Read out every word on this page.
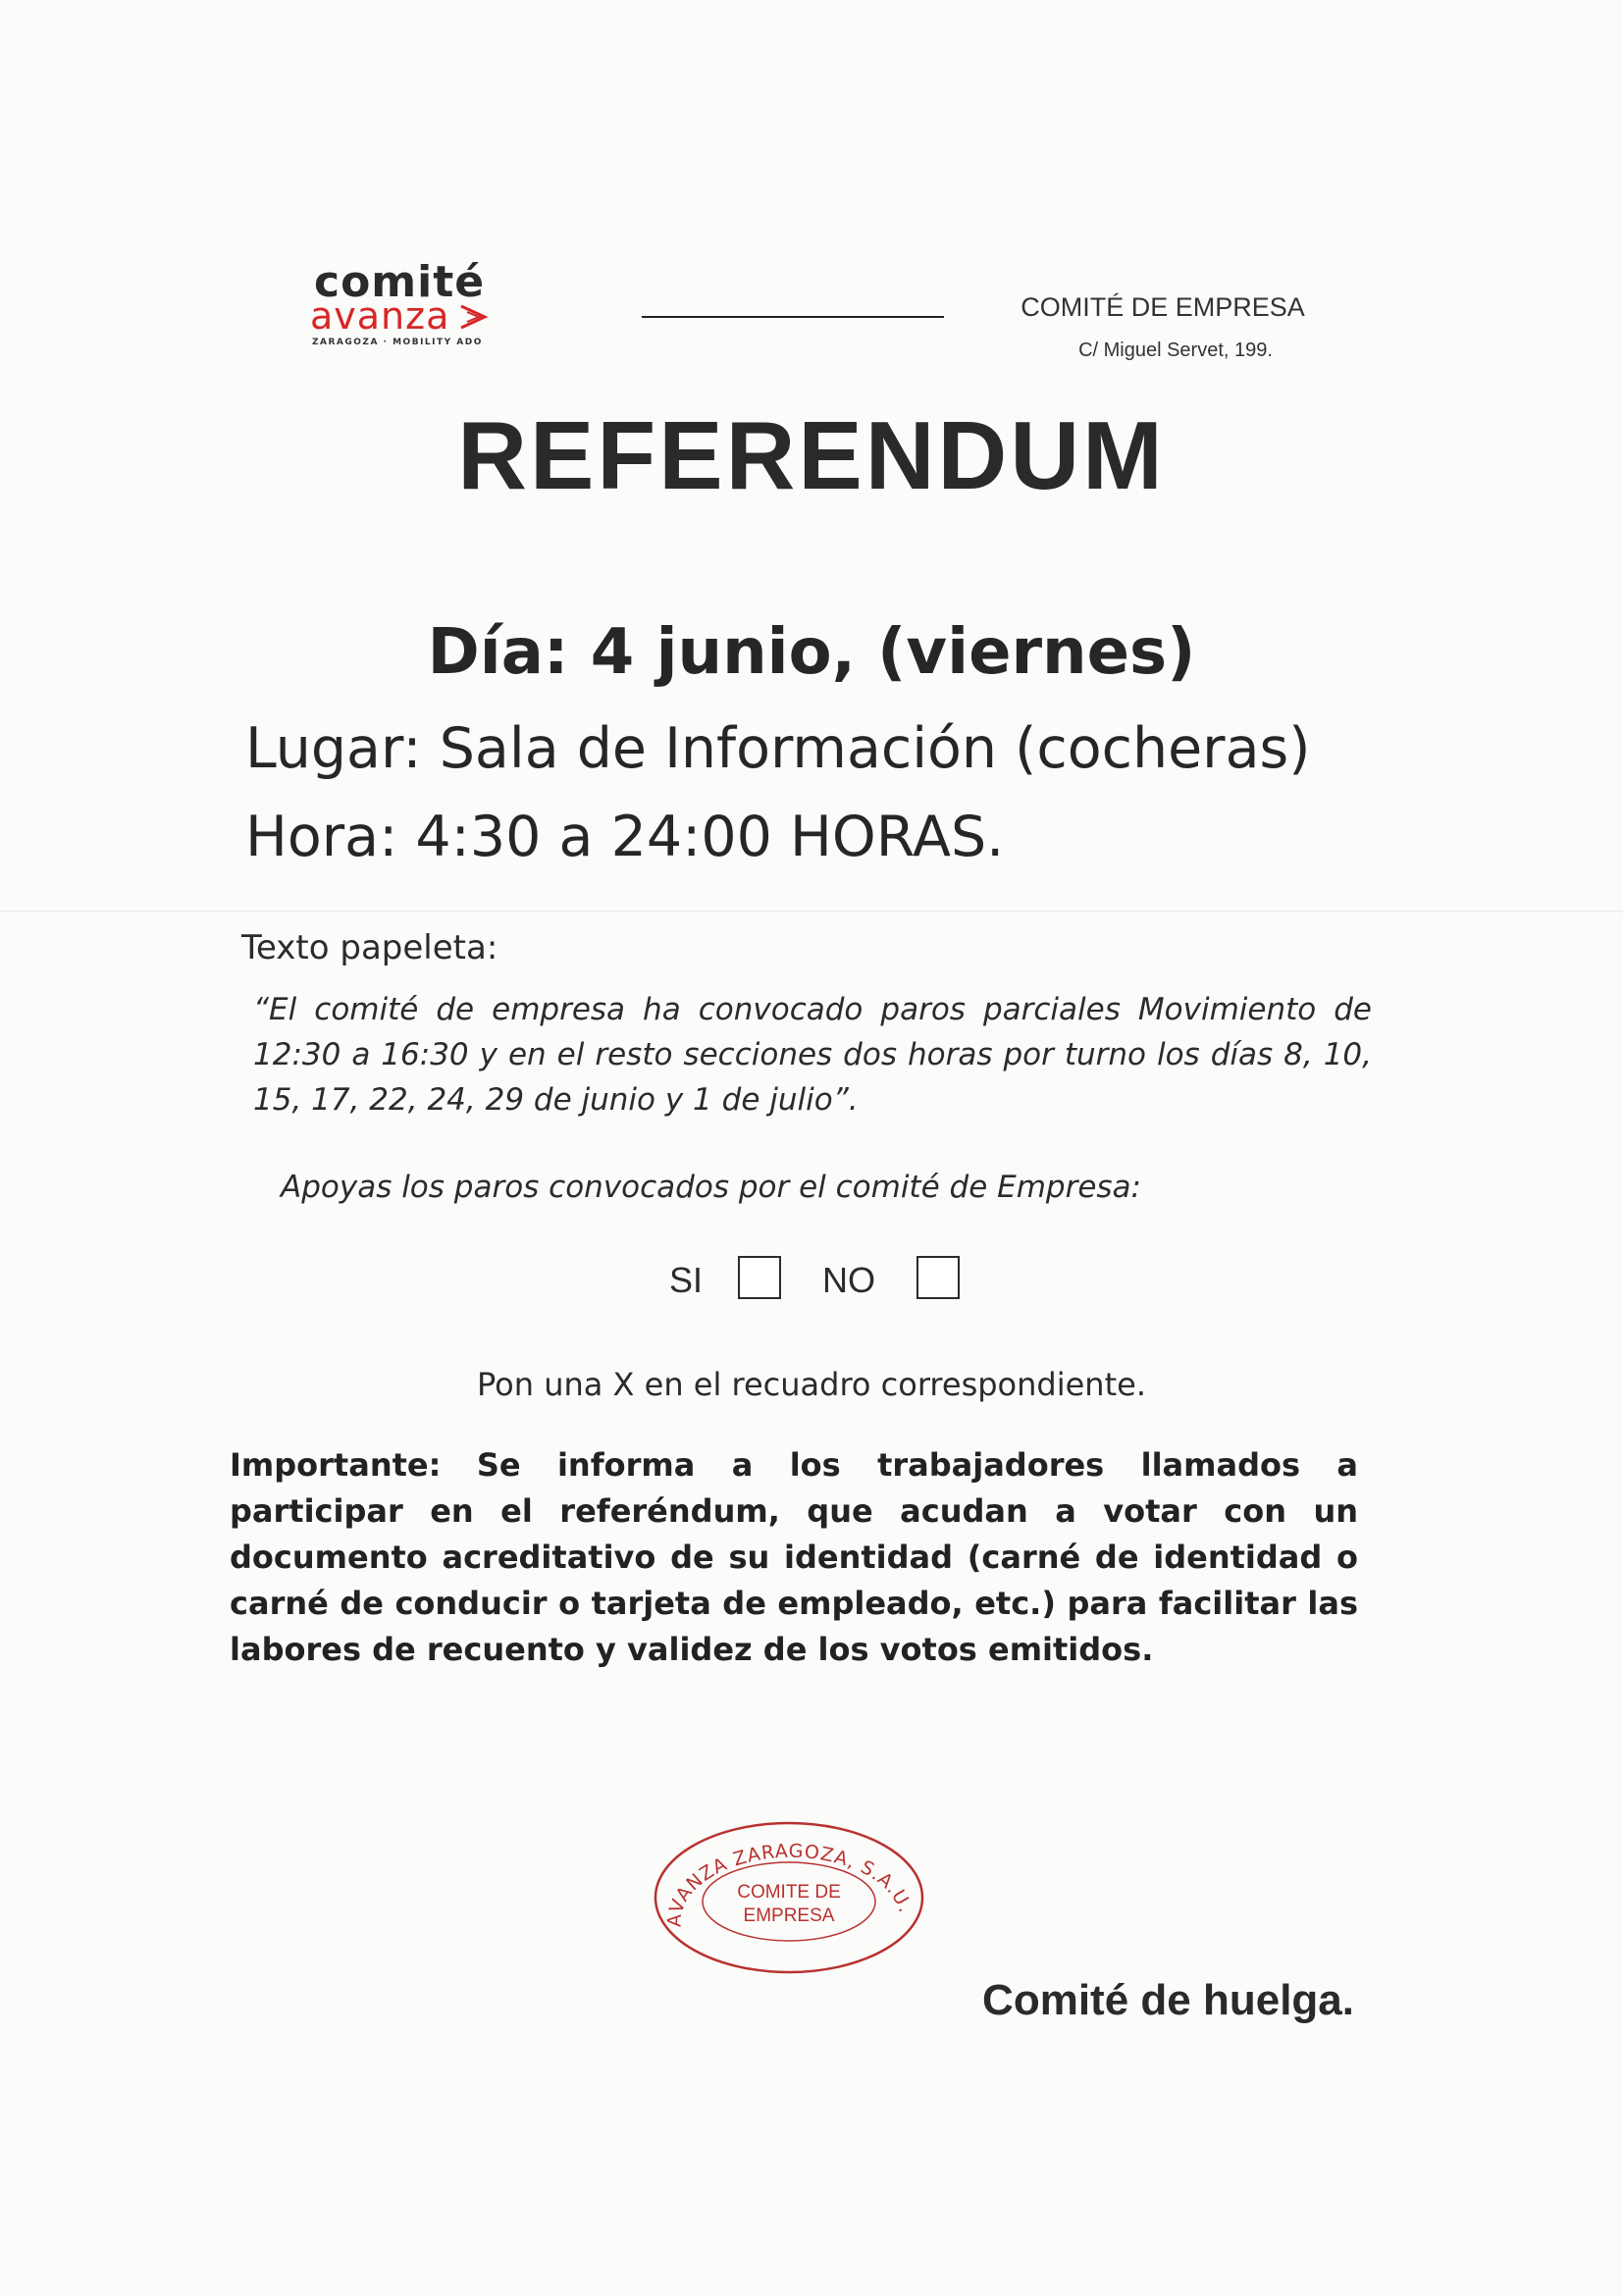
comité
avanza
ZARAGOZA · MOBILITY ADO
COMITÉ DE EMPRESA
C/ Miguel Servet, 199.
REFERENDUM
Día: 4 junio, (viernes)
Lugar: Sala de Información (cocheras)
Hora: 4:30 a 24:00 HORAS.
Texto papeleta:
“El comité de empresa ha convocado paros parciales Movimiento de 12:30 a 16:30 y en el resto secciones dos horas por turno los días 8, 10, 15, 17, 22, 24, 29 de junio y 1 de julio”.
Apoyas los paros convocados por el comité de Empresa:
SI	NO
Pon una X en el recuadro correspondiente.
Importante: Se informa a los trabajadores llamados a participar en el referéndum, que acudan a votar con un documento acreditativo de su identidad (carné de identidad o carné de conducir o tarjeta de empleado, etc.) para facilitar las labores de recuento y validez de los votos emitidos.
AVANZA ZARAGOZA, S.A.U.
COMITE DE
EMPRESA
Comité de huelga.
